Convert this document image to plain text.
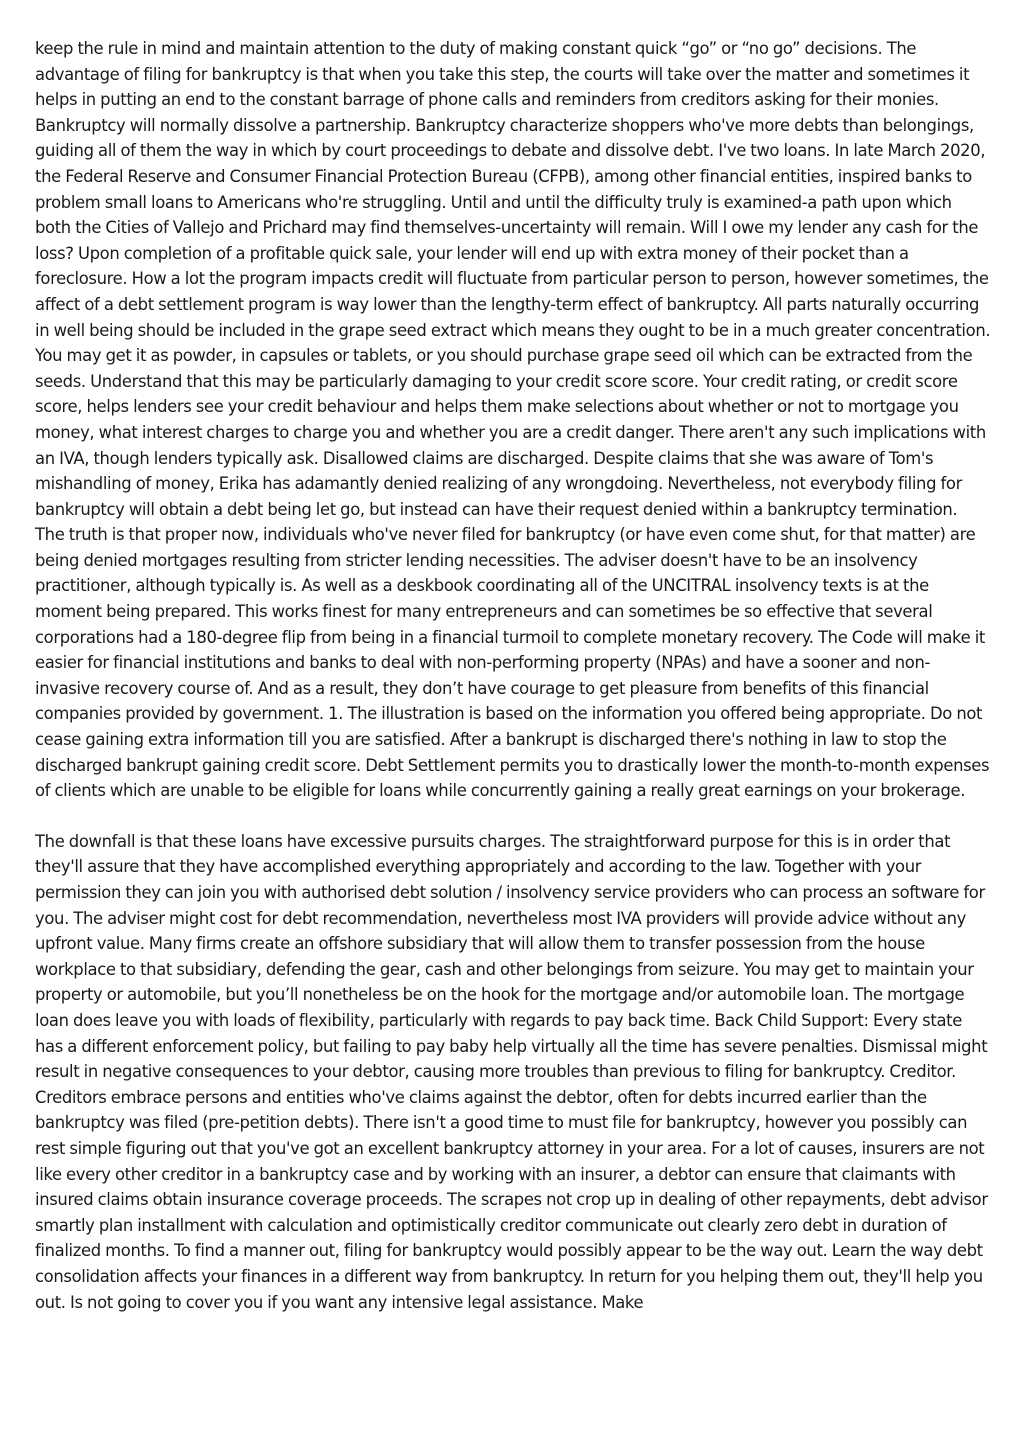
keep the rule in mind and maintain attention to the duty of making constant quick “go” or “no go” decisions. The advantage of filing for bankruptcy is that when you take this step, the courts will take over the matter and sometimes it helps in putting an end to the constant barrage of phone calls and reminders from creditors asking for their monies. Bankruptcy will normally dissolve a partnership. Bankruptcy characterize shoppers who've more debts than belongings, guiding all of them the way in which by court proceedings to debate and dissolve debt. I've two loans. In late March 2020, the Federal Reserve and Consumer Financial Protection Bureau (CFPB), among other financial entities, inspired banks to problem small loans to Americans who're struggling. Until and until the difficulty truly is examined-a path upon which both the Cities of Vallejo and Prichard may find themselves-uncertainty will remain. Will I owe my lender any cash for the loss? Upon completion of a profitable quick sale, your lender will end up with extra money of their pocket than a foreclosure. How a lot the program impacts credit will fluctuate from particular person to person, however sometimes, the affect of a debt settlement program is way lower than the lengthy-term effect of bankruptcy. All parts naturally occurring in well being should be included in the grape seed extract which means they ought to be in a much greater concentration. You may get it as powder, in capsules or tablets, or you should purchase grape seed oil which can be extracted from the seeds. Understand that this may be particularly damaging to your credit score score. Your credit rating, or credit score score, helps lenders see your credit behaviour and helps them make selections about whether or not to mortgage you money, what interest charges to charge you and whether you are a credit danger. There aren't any such implications with an IVA, though lenders typically ask. Disallowed claims are discharged. Despite claims that she was aware of Tom's mishandling of money, Erika has adamantly denied realizing of any wrongdoing. Nevertheless, not everybody filing for bankruptcy will obtain a debt being let go, but instead can have their request denied within a bankruptcy termination. The truth is that proper now, individuals who've never filed for bankruptcy (or have even come shut, for that matter) are being denied mortgages resulting from stricter lending necessities. The adviser doesn't have to be an insolvency practitioner, although typically is. As well as a deskbook coordinating all of the UNCITRAL insolvency texts is at the moment being prepared. This works finest for many entrepreneurs and can sometimes be so effective that several corporations had a 180-degree flip from being in a financial turmoil to complete monetary recovery. The Code will make it easier for financial institutions and banks to deal with non-performing property (NPAs) and have a sooner and non-invasive recovery course of. And as a result, they don’t have courage to get pleasure from benefits of this financial companies provided by government. 1. The illustration is based on the information you offered being appropriate. Do not cease gaining extra information till you are satisfied. After a bankrupt is discharged there's nothing in law to stop the discharged bankrupt gaining credit score. Debt Settlement permits you to drastically lower the month-to-month expenses of clients which are unable to be eligible for loans while concurrently gaining a really great earnings on your brokerage.

The downfall is that these loans have excessive pursuits charges. The straightforward purpose for this is in order that they'll assure that they have accomplished everything appropriately and according to the law. Together with your permission they can join you with authorised debt solution / insolvency service providers who can process an software for you. The adviser might cost for debt recommendation, nevertheless most IVA providers will provide advice without any upfront value. Many firms create an offshore subsidiary that will allow them to transfer possession from the house workplace to that subsidiary, defending the gear, cash and other belongings from seizure. You may get to maintain your property or automobile, but you’ll nonetheless be on the hook for the mortgage and/or automobile loan. The mortgage loan does leave you with loads of flexibility, particularly with regards to pay back time. Back Child Support: Every state has a different enforcement policy, but failing to pay baby help virtually all the time has severe penalties. Dismissal might result in negative consequences to your debtor, causing more troubles than previous to filing for bankruptcy. Creditor. Creditors embrace persons and entities who've claims against the debtor, often for debts incurred earlier than the bankruptcy was filed (pre-petition debts). There isn't a good time to must file for bankruptcy, however you possibly can rest simple figuring out that you've got an excellent bankruptcy attorney in your area. For a lot of causes, insurers are not like every other creditor in a bankruptcy case and by working with an insurer, a debtor can ensure that claimants with insured claims obtain insurance coverage proceeds. The scrapes not crop up in dealing of other repayments, debt advisor smartly plan installment with calculation and optimistically creditor communicate out clearly zero debt in duration of finalized months. To find a manner out, filing for bankruptcy would possibly appear to be the way out. Learn the way debt consolidation affects your finances in a different way from bankruptcy. In return for you helping them out, they'll help you out. Is not going to cover you if you want any intensive legal assistance. Make
